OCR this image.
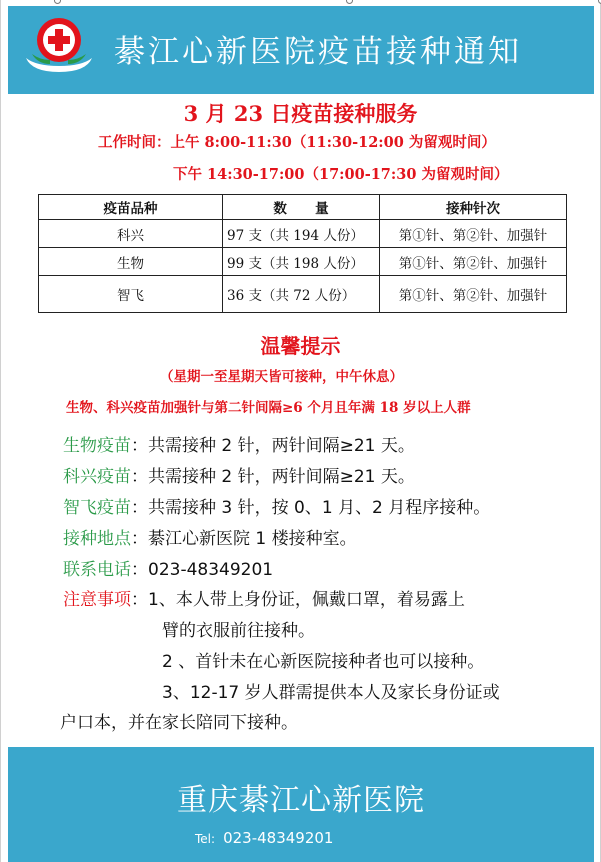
綦江心新医院疫苗接种通知
3 月 23 日疫苗接种服务
工作时间：上午 8:00-11:30（11:30-12:00 为留观时间）
下午 14:30-17:00（17:00-17:30 为留观时间）
疫苗品种	数      量	接种针次
科兴	97 支（共 194 人份）	第①针、第②针、加强针
生物	99 支（共 198 人份）	第①针、第②针、加强针
智飞	36 支（共 72 人份）	第①针、第②针、加强针
温馨提示
（星期一至星期天皆可接种，中午休息）
生物、科兴疫苗加强针与第二针间隔≥6 个月且年满 18 岁以上人群
生物疫苗：共需接种 2 针，两针间隔≥21 天。
科兴疫苗：共需接种 2 针，两针间隔≥21 天。
智飞疫苗：共需接种 3 针，按 0、1 月、2 月程序接种。
接种地点：綦江心新医院 1 楼接种室。
联系电话：023-48349201
注意事项：1、本人带上身份证，佩戴口罩，着易露上
臂的衣服前往接种。
2 、首针未在心新医院接种者也可以接种。
3、12-17 岁人群需提供本人及家长身份证或
户口本，并在家长陪同下接种。
重庆綦江心新医院
Tel: 023-48349201
